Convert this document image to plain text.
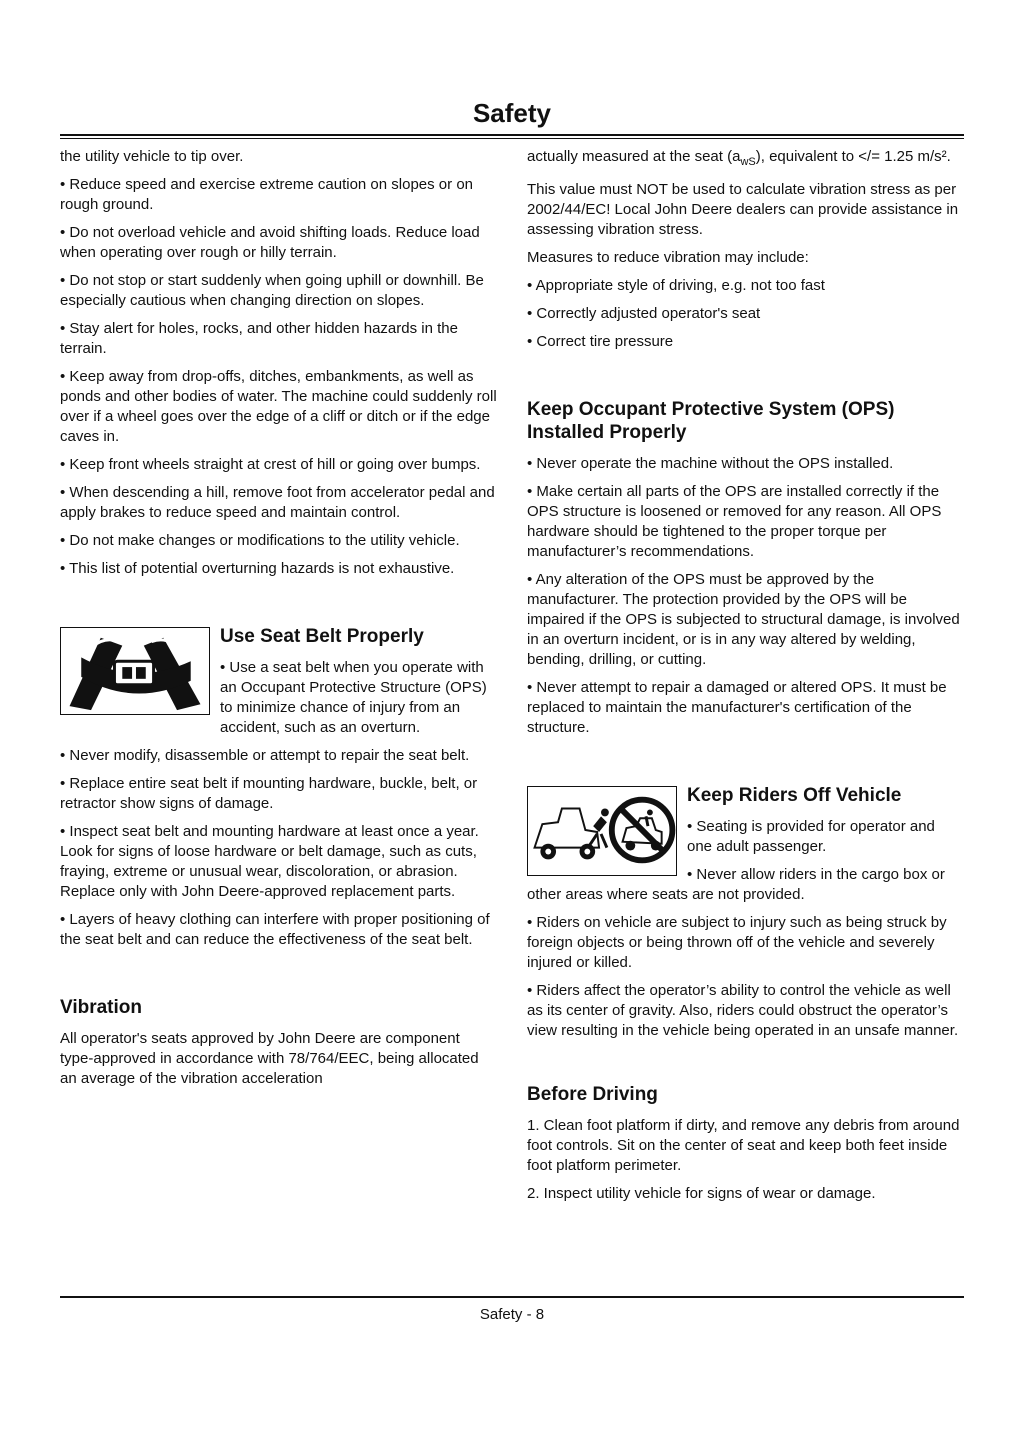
Safety

the utility vehicle to tip over.

• Reduce speed and exercise extreme caution on slopes or on rough ground.

• Do not overload vehicle and avoid shifting loads. Reduce load when operating over rough or hilly terrain.

• Do not stop or start suddenly when going uphill or downhill. Be especially cautious when changing direction on slopes.

• Stay alert for holes, rocks, and other hidden hazards in the terrain.

• Keep away from drop-offs, ditches, embankments, as well as ponds and other bodies of water. The machine could suddenly roll over if a wheel goes over the edge of a cliff or ditch or if the edge caves in.

• Keep front wheels straight at crest of hill or going over bumps.

• When descending a hill, remove foot from accelerator pedal and apply brakes to reduce speed and maintain control.

• Do not make changes or modifications to the utility vehicle.

• This list of potential overturning hazards is not exhaustive.

Use Seat Belt Properly

• Use a seat belt when you operate with an Occupant Protective Structure (OPS) to minimize chance of injury from an accident, such as an overturn.

• Never modify, disassemble or attempt to repair the seat belt.

• Replace entire seat belt if mounting hardware, buckle, belt, or retractor show signs of damage.

• Inspect seat belt and mounting hardware at least once a year. Look for signs of loose hardware or belt damage, such as cuts, fraying, extreme or unusual wear, discoloration, or abrasion. Replace only with John Deere-approved replacement parts.

• Layers of heavy clothing can interfere with proper positioning of the seat belt and can reduce the effectiveness of the seat belt.

Vibration

All operator's seats approved by John Deere are component type-approved in accordance with 78/764/EEC, being allocated an average of the vibration acceleration

actually measured at the seat $(a_{wS})$, equivalent to </= 1.25 m/s².

This value must NOT be used to calculate vibration stress as per 2002/44/EC! Local John Deere dealers can provide assistance in assessing vibration stress.

Measures to reduce vibration may include:

• Appropriate style of driving, e.g. not too fast

• Correctly adjusted operator's seat

• Correct tire pressure

Keep Occupant Protective System (OPS) Installed Properly

• Never operate the machine without the OPS installed.

• Make certain all parts of the OPS are installed correctly if the OPS structure is loosened or removed for any reason. All OPS hardware should be tightened to the proper torque per manufacturer’s recommendations.

• Any alteration of the OPS must be approved by the manufacturer. The protection provided by the OPS will be impaired if the OPS is subjected to structural damage, is involved in an overturn incident, or is in any way altered by welding, bending, drilling, or cutting.

• Never attempt to repair a damaged or altered OPS. It must be replaced to maintain the manufacturer's certification of the structure.

Keep Riders Off Vehicle

• Seating is provided for operator and one adult passenger.

• Never allow riders in the cargo box or other areas where seats are not provided.

• Riders on vehicle are subject to injury such as being struck by foreign objects or being thrown off of the vehicle and severely injured or killed.

• Riders affect the operator’s ability to control the vehicle as well as its center of gravity. Also, riders could obstruct the operator’s view resulting in the vehicle being operated in an unsafe manner.

Before Driving

1. Clean foot platform if dirty, and remove any debris from around foot controls. Sit on the center of seat and keep both feet inside foot platform perimeter.

2. Inspect utility vehicle for signs of wear or damage.

Safety - 8
